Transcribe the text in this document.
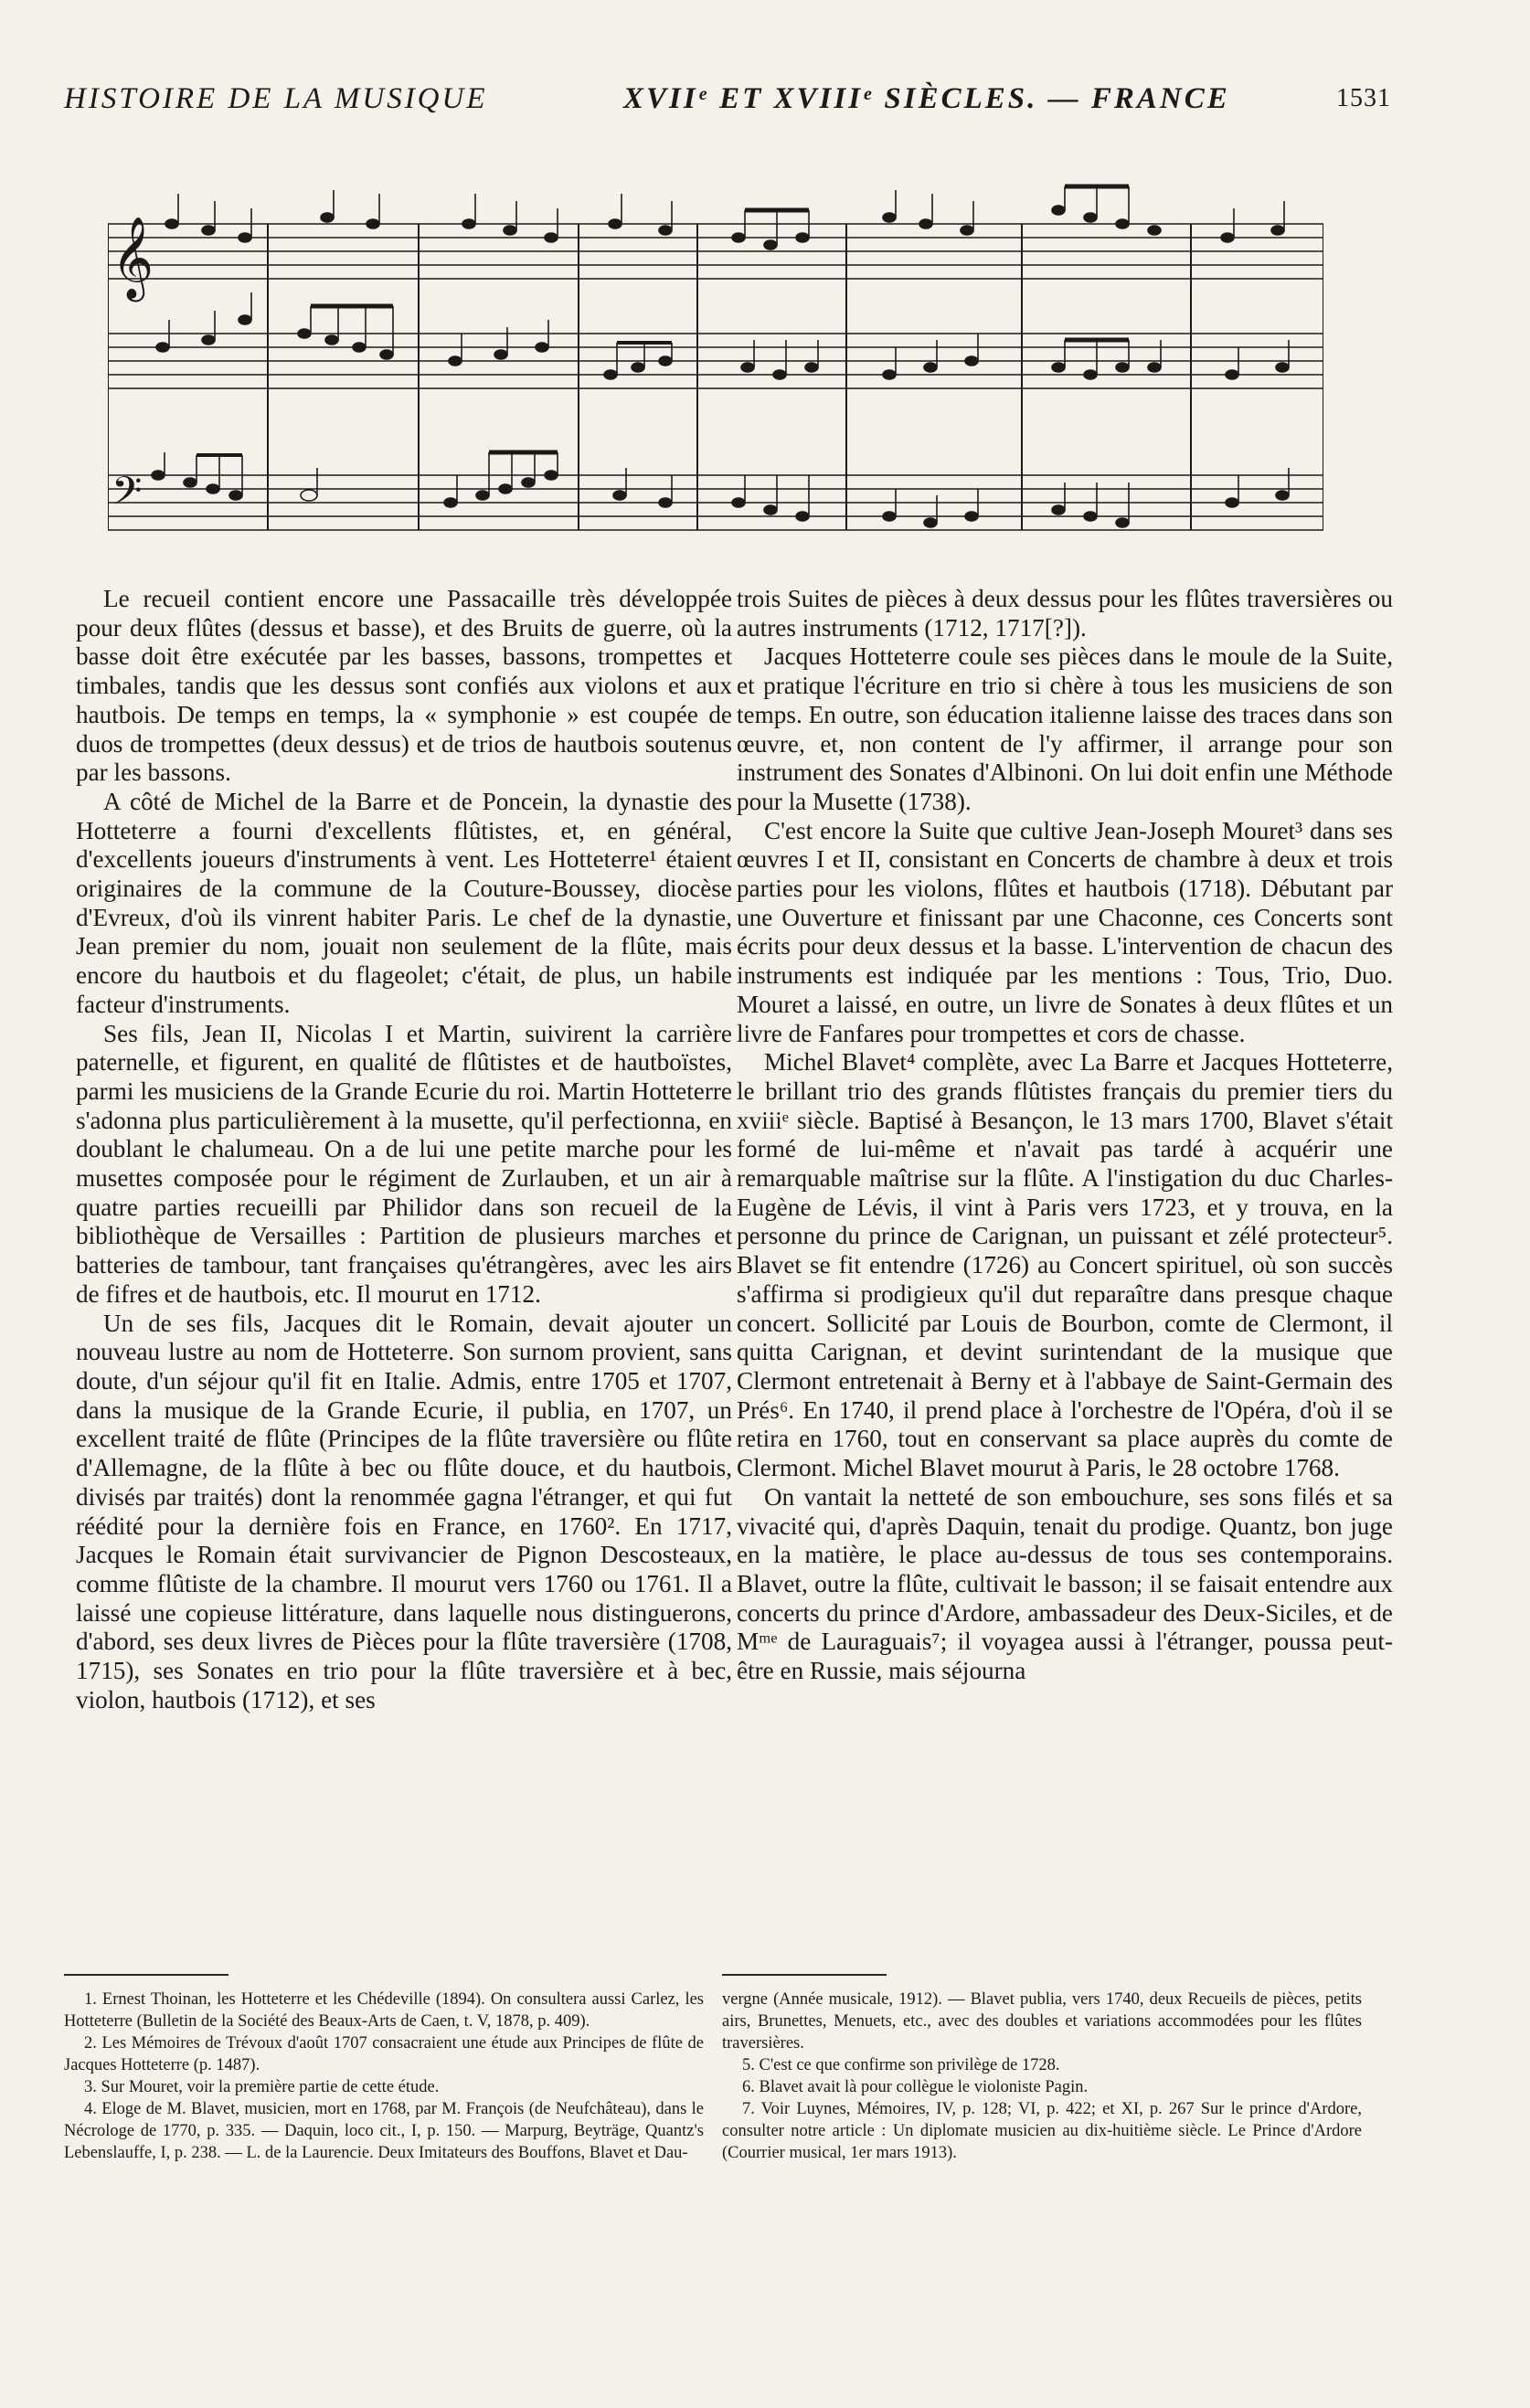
HISTOIRE DE LA MUSIQUE	XVIIᵉ ET XVIIIᵉ SIÈCLES. — FRANCE	1531
𝄞
𝄢

Le recueil contient encore une Passacaille très développée pour deux flûtes (dessus et basse), et des Bruits de guerre, où la basse doit être exécutée par les basses, bassons, trompettes et timbales, tandis que les dessus sont confiés aux violons et aux hautbois. De temps en temps, la « symphonie » est coupée de duos de trompettes (deux dessus) et de trios de hautbois soutenus par les bassons.

A côté de Michel de la Barre et de Poncein, la dynastie des Hotteterre a fourni d'excellents flûtistes, et, en général, d'excellents joueurs d'instruments à vent. Les Hotteterre¹ étaient originaires de la commune de la Couture-Boussey, diocèse d'Evreux, d'où ils vinrent habiter Paris. Le chef de la dynastie, Jean premier du nom, jouait non seulement de la flûte, mais encore du hautbois et du flageolet; c'était, de plus, un habile facteur d'instruments.

Ses fils, Jean II, Nicolas I et Martin, suivirent la carrière paternelle, et figurent, en qualité de flûtistes et de hautboïstes, parmi les musiciens de la Grande Ecurie du roi. Martin Hotteterre s'adonna plus particulièrement à la musette, qu'il perfectionna, en doublant le chalumeau. On a de lui une petite marche pour les musettes composée pour le régiment de Zurlauben, et un air à quatre parties recueilli par Philidor dans son recueil de la bibliothèque de Versailles : Partition de plusieurs marches et batteries de tambour, tant françaises qu'étrangères, avec les airs de fifres et de hautbois, etc. Il mourut en 1712.

Un de ses fils, Jacques dit le Romain, devait ajouter un nouveau lustre au nom de Hotteterre. Son surnom provient, sans doute, d'un séjour qu'il fit en Italie. Admis, entre 1705 et 1707, dans la musique de la Grande Ecurie, il publia, en 1707, un excellent traité de flûte (Principes de la flûte traversière ou flûte d'Allemagne, de la flûte à bec ou flûte douce, et du hautbois, divisés par traités) dont la renommée gagna l'étranger, et qui fut réédité pour la dernière fois en France, en 1760². En 1717, Jacques le Romain était survivancier de Pignon Descosteaux, comme flûtiste de la chambre. Il mourut vers 1760 ou 1761. Il a laissé une copieuse littérature, dans laquelle nous distinguerons, d'abord, ses deux livres de Pièces pour la flûte traversière (1708, 1715), ses Sonates en trio pour la flûte traversière et à bec, violon, hautbois (1712), et ses

trois Suites de pièces à deux dessus pour les flûtes traversières ou autres instruments (1712, 1717[?]).

Jacques Hotteterre coule ses pièces dans le moule de la Suite, et pratique l'écriture en trio si chère à tous les musiciens de son temps. En outre, son éducation italienne laisse des traces dans son œuvre, et, non content de l'y affirmer, il arrange pour son instrument des Sonates d'Albinoni. On lui doit enfin une Méthode pour la Musette (1738).

C'est encore la Suite que cultive Jean-Joseph Mouret³ dans ses œuvres I et II, consistant en Concerts de chambre à deux et trois parties pour les violons, flûtes et hautbois (1718). Débutant par une Ouverture et finissant par une Chaconne, ces Concerts sont écrits pour deux dessus et la basse. L'intervention de chacun des instruments est indiquée par les mentions : Tous, Trio, Duo. Mouret a laissé, en outre, un livre de Sonates à deux flûtes et un livre de Fanfares pour trompettes et cors de chasse.

Michel Blavet⁴ complète, avec La Barre et Jacques Hotteterre, le brillant trio des grands flûtistes français du premier tiers du xviiiᵉ siècle. Baptisé à Besançon, le 13 mars 1700, Blavet s'était formé de lui-même et n'avait pas tardé à acquérir une remarquable maîtrise sur la flûte. A l'instigation du duc Charles-Eugène de Lévis, il vint à Paris vers 1723, et y trouva, en la personne du prince de Carignan, un puissant et zélé protecteur⁵. Blavet se fit entendre (1726) au Concert spirituel, où son succès s'affirma si prodigieux qu'il dut reparaître dans presque chaque concert. Sollicité par Louis de Bourbon, comte de Clermont, il quitta Carignan, et devint surintendant de la musique que Clermont entretenait à Berny et à l'abbaye de Saint-Germain des Prés⁶. En 1740, il prend place à l'orchestre de l'Opéra, d'où il se retira en 1760, tout en conservant sa place auprès du comte de Clermont. Michel Blavet mourut à Paris, le 28 octobre 1768.

On vantait la netteté de son embouchure, ses sons filés et sa vivacité qui, d'après Daquin, tenait du prodige. Quantz, bon juge en la matière, le place au-dessus de tous ses contemporains. Blavet, outre la flûte, cultivait le basson; il se faisait entendre aux concerts du prince d'Ardore, ambassadeur des Deux-Siciles, et de Mᵐᵉ de Lauraguais⁷; il voyagea aussi à l'étranger, poussa peut-être en Russie, mais séjourna

1. Ernest Thoinan, les Hotteterre et les Chédeville (1894). On consultera aussi Carlez, les Hotteterre (Bulletin de la Société des Beaux-Arts de Caen, t. V, 1878, p. 409).

2. Les Mémoires de Trévoux d'août 1707 consacraient une étude aux Principes de flûte de Jacques Hotteterre (p. 1487).

3. Sur Mouret, voir la première partie de cette étude.

4. Eloge de M. Blavet, musicien, mort en 1768, par M. François (de Neufchâteau), dans le Nécrologe de 1770, p. 335. — Daquin, loco cit., I, p. 150. — Marpurg, Beyträge, Quantz's Lebenslauffe, I, p. 238. — L. de la Laurencie. Deux Imitateurs des Bouffons, Blavet et Dau-

vergne (Année musicale, 1912). — Blavet publia, vers 1740, deux Recueils de pièces, petits airs, Brunettes, Menuets, etc., avec des doubles et variations accommodées pour les flûtes traversières.

5. C'est ce que confirme son privilège de 1728.

6. Blavet avait là pour collègue le violoniste Pagin.

7. Voir Luynes, Mémoires, IV, p. 128; VI, p. 422; et XI, p. 267 Sur le prince d'Ardore, consulter notre article : Un diplomate musicien au dix-huitième siècle. Le Prince d'Ardore (Courrier musical, 1er mars 1913).
